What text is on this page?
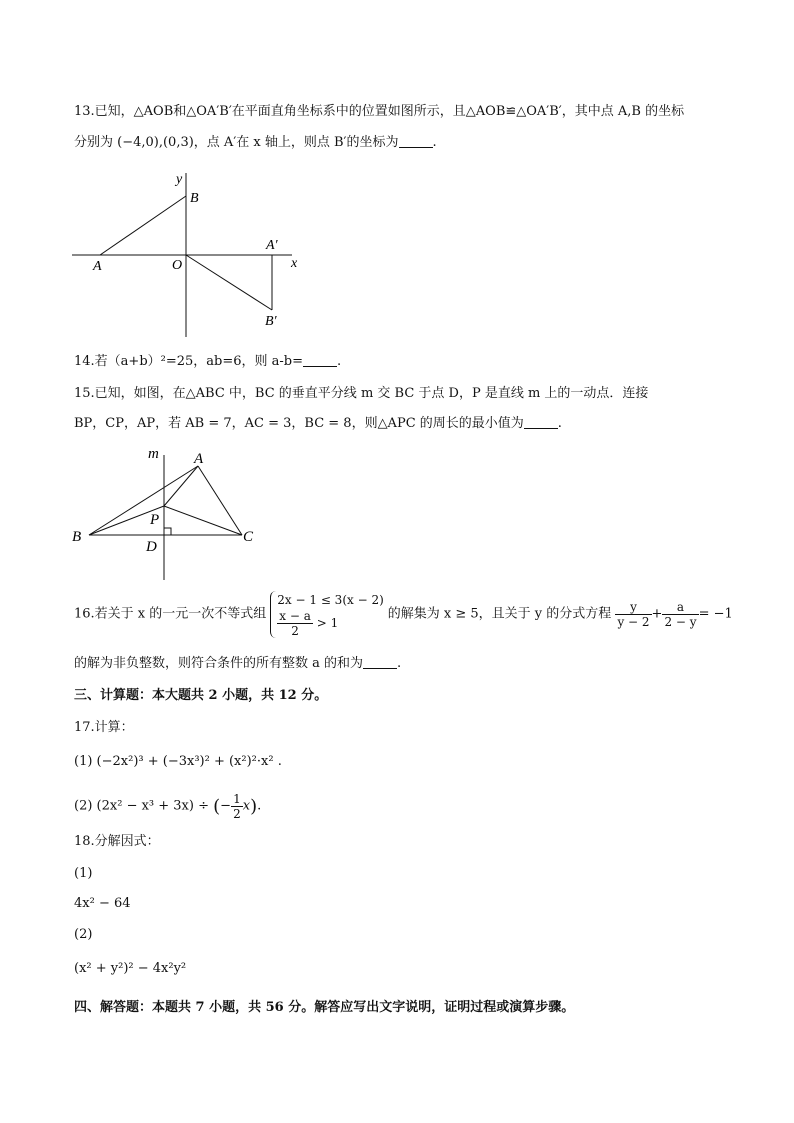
13.已知，△AOB和△OA′B′在平面直角坐标系中的位置如图所示，且△AOB≌△OA′B′，其中点 A,B 的坐标
分别为 (−4,0),(0,3)，点 A′在 x 轴上，则点 B′的坐标为	.
y
B
A′
x
A	O
B′
14.若（a+b）²=25，ab=6，则 a-b=	.
15.已知，如图，在△ABC 中，BC 的垂直平分线 m 交 BC 于点 D，P 是直线 m 上的一动点．连接
BP，CP，AP，若 AB = 7，AC = 3，BC = 8，则△APC 的周长的最小值为	.
m A
P
B	C
D
16.若关于 x 的一元一次不等式组
2x − 1 ≤ 3(x − 2)
$\frac{x - a}{2} > 1$
的解集为 x ≥ 5，且关于 y 的分式方程 $\frac{y}{y - 2} + \frac{a}{2 - y} = -1$
的解为非负整数，则符合条件的所有整数 a 的和为	.
三、计算题：本大题共 2 小题，共 12 分。
17.计算：
(1) (−2x²)³ + (−3x³)² + (x²)²·x² .
(2) (2x² − x³ + 3x) ÷ (− $\frac{1}{2} x$).
18.分解因式：
(1)
4x² − 64
(2)
(x² + y²)² − 4x²y²
四、解答题：本题共 7 小题，共 56 分。解答应写出文字说明，证明过程或演算步骤。
